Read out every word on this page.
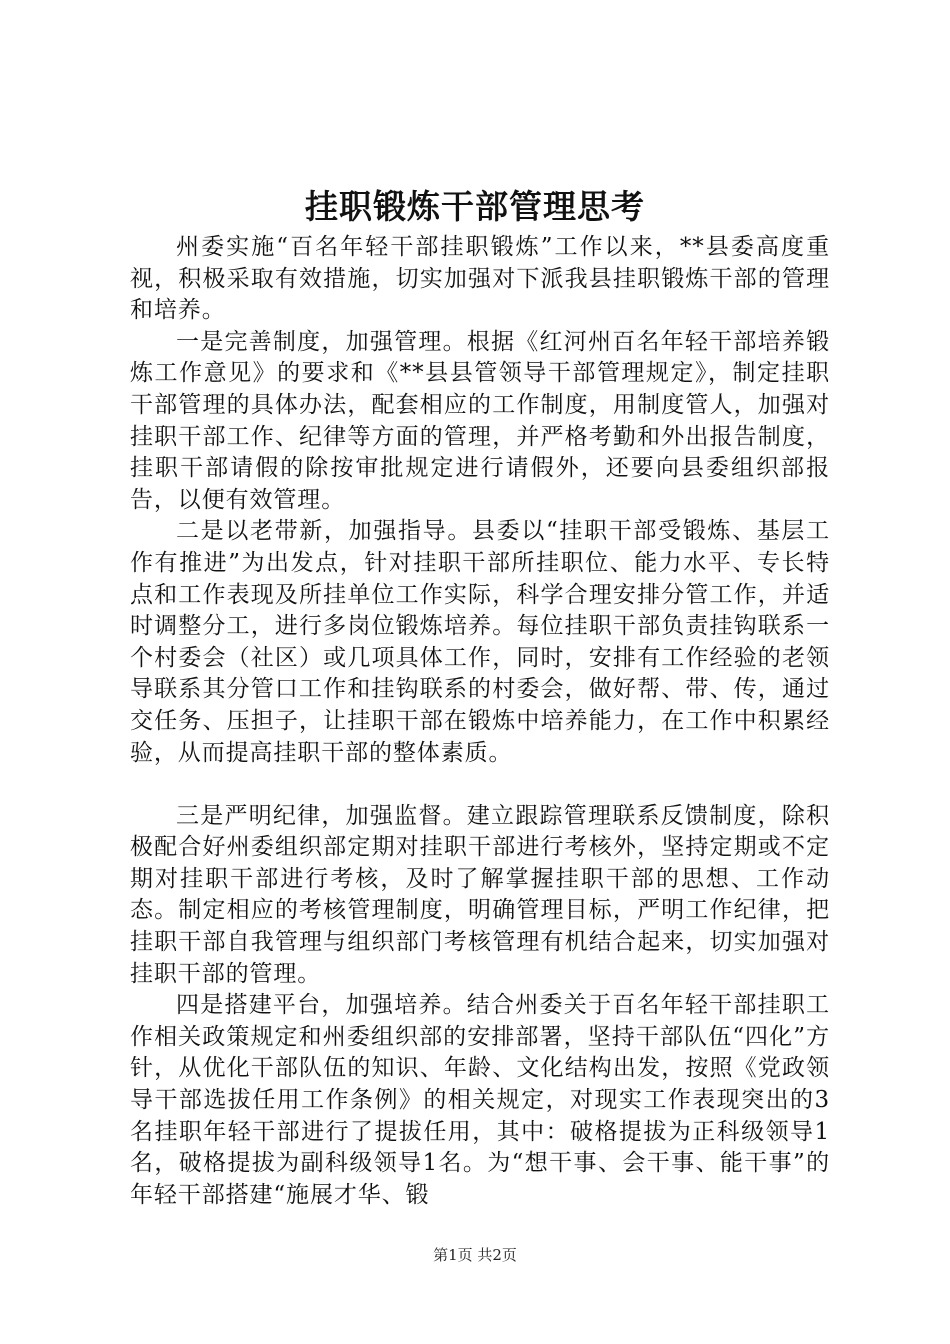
挂职锻炼干部管理思考

州委实施“百名年轻干部挂职锻炼”工作以来，**县委高度重视，积极采取有效措施，切实加强对下派我县挂职锻炼干部的管理和培养。

一是完善制度，加强管理。根据《红河州百名年轻干部培养锻炼工作意见》的要求和《**县县管领导干部管理规定》，制定挂职干部管理的具体办法，配套相应的工作制度，用制度管人，加强对挂职干部工作、纪律等方面的管理，并严格考勤和外出报告制度，挂职干部请假的除按审批规定进行请假外，还要向县委组织部报告，以便有效管理。

二是以老带新，加强指导。县委以“挂职干部受锻炼、基层工作有推进”为出发点，针对挂职干部所挂职位、能力水平、专长特点和工作表现及所挂单位工作实际，科学合理安排分管工作，并适时调整分工，进行多岗位锻炼培养。每位挂职干部负责挂钩联系一个村委会（社区）或几项具体工作，同时，安排有工作经验的老领导联系其分管口工作和挂钩联系的村委会，做好帮、带、传，通过交任务、压担子，让挂职干部在锻炼中培养能力，在工作中积累经验，从而提高挂职干部的整体素质。

三是严明纪律，加强监督。建立跟踪管理联系反馈制度，除积极配合好州委组织部定期对挂职干部进行考核外，坚持定期或不定期对挂职干部进行考核，及时了解掌握挂职干部的思想、工作动态。制定相应的考核管理制度，明确管理目标，严明工作纪律，把挂职干部自我管理与组织部门考核管理有机结合起来，切实加强对挂职干部的管理。

四是搭建平台，加强培养。结合州委关于百名年轻干部挂职工作相关政策规定和州委组织部的安排部署，坚持干部队伍“四化”方针，从优化干部队伍的知识、年龄、文化结构出发，按照《党政领导干部选拔任用工作条例》的相关规定，对现实工作表现突出的3名挂职年轻干部进行了提拔任用，其中：破格提拔为正科级领导1名，破格提拔为副科级领导1名。为“想干事、会干事、能干事”的年轻干部搭建“施展才华、锻

第1页 共2页
